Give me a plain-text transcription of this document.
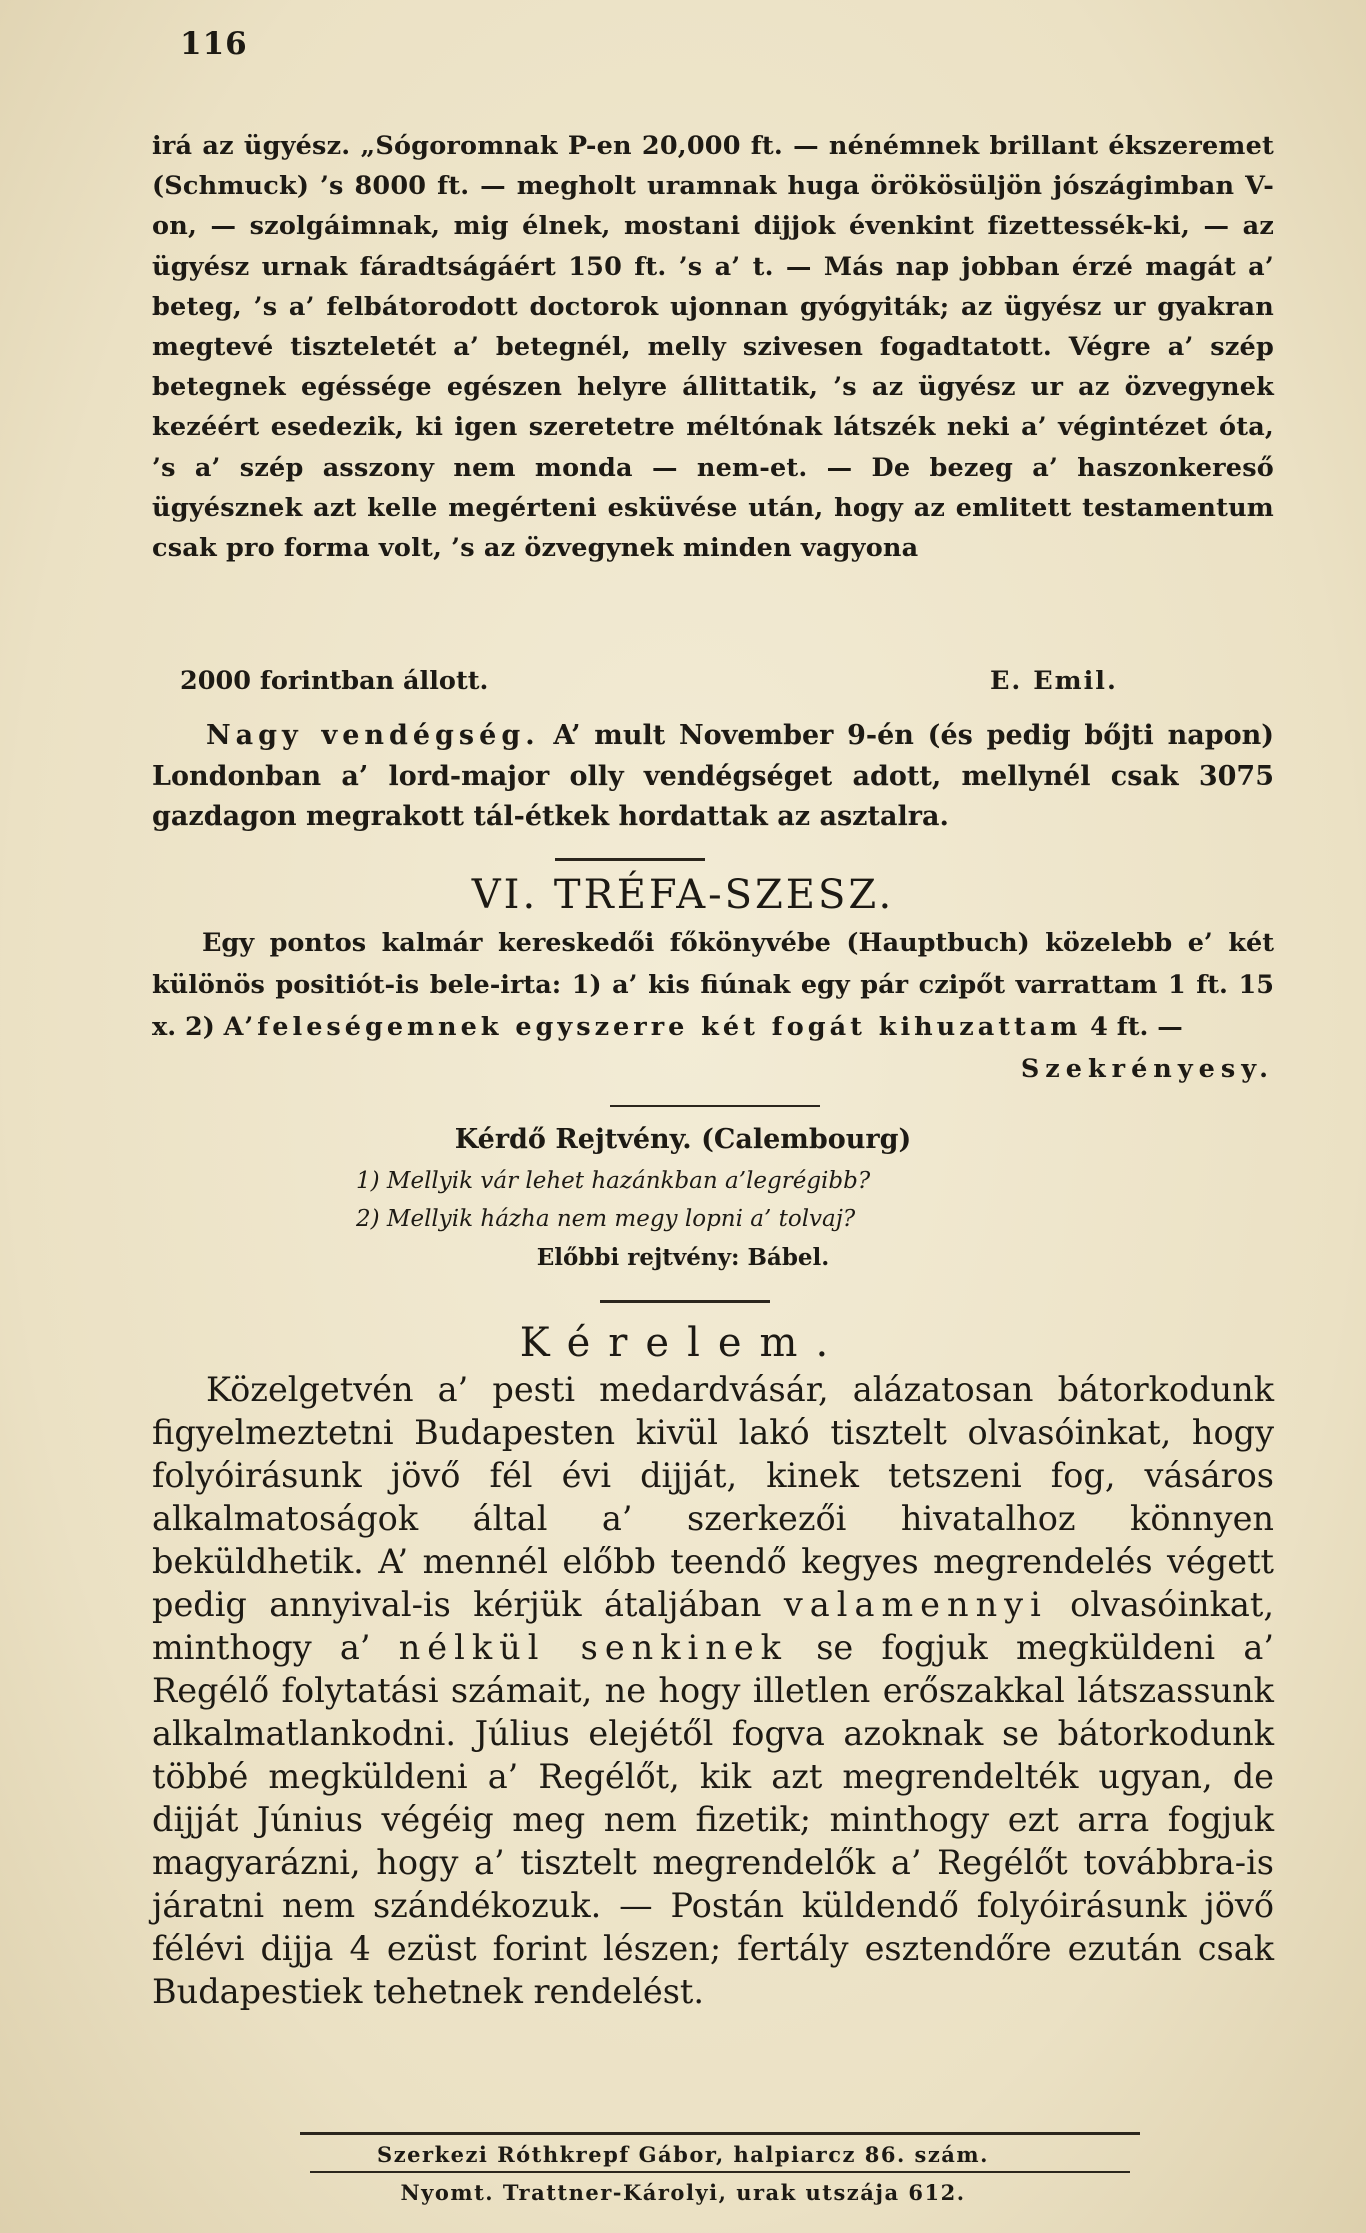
116
irá az ügyész. „Sógoromnak P-en 20,000 ft. — nénémnek brillant ékszeremet (Schmuck) ’s 8000 ft. — megholt uramnak huga örökösüljön jószágimban V-on, — szolgáimnak, mig élnek, mostani dijjok évenkint fizettessék-ki, — az ügyész urnak fáradtságáért 150 ft. ’s a’ t. — Más nap jobban érzé magát a’ beteg, ’s a’ felbátorodott doctorok ujonnan gyógyiták; az ügyész ur gyakran megtevé tiszteletét a’ betegnél, melly szivesen fogadtatott. Végre a’ szép betegnek egéssége egészen helyre állittatik, ’s az ügyész ur az özvegynek kezéért esedezik, ki igen szeretetre méltónak látszék neki a’ végintézet óta, ’s a’ szép asszony nem monda — nem-et. — De bezeg a’ haszonkereső ügyésznek azt kelle megérteni esküvése után, hogy az emlitett testamentum csak pro forma volt, ’s az özvegynek minden vagyona
2000 forintban állott.	E. Emil.
Nagy vendégség. A’ mult November 9-én (és pedig bőjti napon) Londonban a’ lord-major olly vendégséget adott, mellynél csak 3075 gazdagon megrakott tál-étkek hordattak az asztalra.
VI. TRÉFA-SZESZ.
Egy pontos kalmár kereskedői főkönyvébe (Hauptbuch) közelebb e’ két különös positiót-is bele-irta: 1) a’ kis fiúnak egy pár czipőt varrattam 1 ft. 15 x. 2) A’feleségemnek egyszerre két fogát kihuzattam 4 ft. —
Szekrényesy.
Kérdő Rejtvény. (Calembourg)
1) Mellyik vár lehet hazánkban a’legrégibb?
2) Mellyik házha nem megy lopni a’ tolvaj?
Előbbi rejtvény: Bábel.
Kérelem.
Közelgetvén a’ pesti medardvásár, alázatosan bátorkodunk figyelmeztetni Budapesten kivül lakó tisztelt olvasóinkat, hogy folyóirásunk jövő fél évi dijját, kinek tetszeni fog, vásáros alkalmatoságok által a’ szerkezői hivatalhoz könnyen beküldhetik. A’ mennél előbb teendő kegyes megrendelés végett pedig annyival-is kérjük átaljában valamennyi olvasóinkat, minthogy a’ nélkül senkinek se fogjuk megküldeni a’ Regélő folytatási számait, ne hogy illetlen erőszakkal látszassunk alkalmatlankodni. Július elejétől fogva azoknak se bátorkodunk többé megküldeni a’ Regélőt, kik azt megrendelték ugyan, de dijját Június végéig meg nem fizetik; minthogy ezt arra fogjuk magyarázni, hogy a’ tisztelt megrendelők a’ Regélőt továbbra-is járatni nem szándékozuk. — Postán küldendő folyóirásunk jövő félévi dijja 4 ezüst forint lészen; fertály esztendőre ezután csak Budapestiek tehetnek rendelést.
Szerkezi Róthkrepf Gábor, halpiarcz 86. szám.
Nyomt. Trattner-Károlyi, urak utszája 612.
